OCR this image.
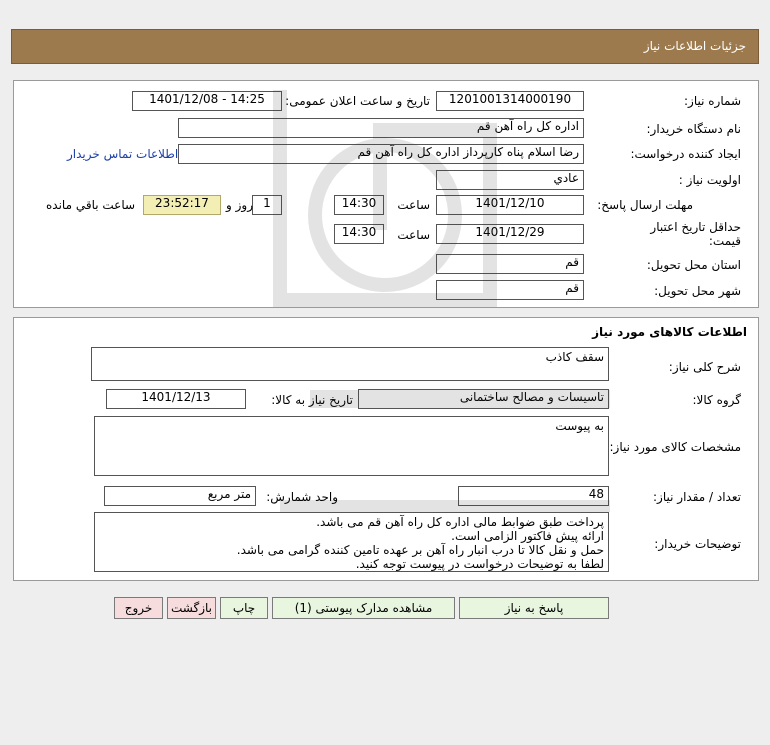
جزئیات اطلاعات نیاز
شماره نیاز:
1201001314000190
تاریخ و ساعت اعلان عمومی:
1401/12/08 - 14:25
نام دستگاه خریدار:
اداره کل راه آهن قم
ایجاد کننده درخواست:
رضا اسلام پناه کارپرداز اداره کل راه آهن قم
اطلاعات تماس خریدار
اولویت نیاز :
عادي
مهلت ارسال پاسخ:
1401/12/10
ساعت
14:30
1
روز و
23:52:17
ساعت باقي مانده
حداقل تاریخ اعتبار قیمت:
1401/12/29
ساعت
14:30
استان محل تحویل:
قم
شهر محل تحویل:
قم
اطلاعات کالاهای مورد نیاز
شرح کلی نیاز:
سقف کاذب
گروه کالا:
تاسیسات و مصالح ساختمانی
تاریخ نیاز به کالا:
1401/12/13
مشخصات کالای مورد نیاز:
به پیوست
تعداد / مقدار نیاز:
48
واحد شمارش:
متر مربع
توضیحات خریدار:
پرداخت طبق ضوابط مالی اداره کل راه آهن قم می باشد.
ارائه پیش فاکتور الزامی است.
حمل و نقل کالا تا درب انبار راه آهن بر عهده تامین کننده گرامی می باشد.
لطفا به توضیحات درخواست در پیوست توجه کنید.
پاسخ به نیاز
مشاهده مدارک پیوستی (1)
چاپ
بازگشت
خروج
